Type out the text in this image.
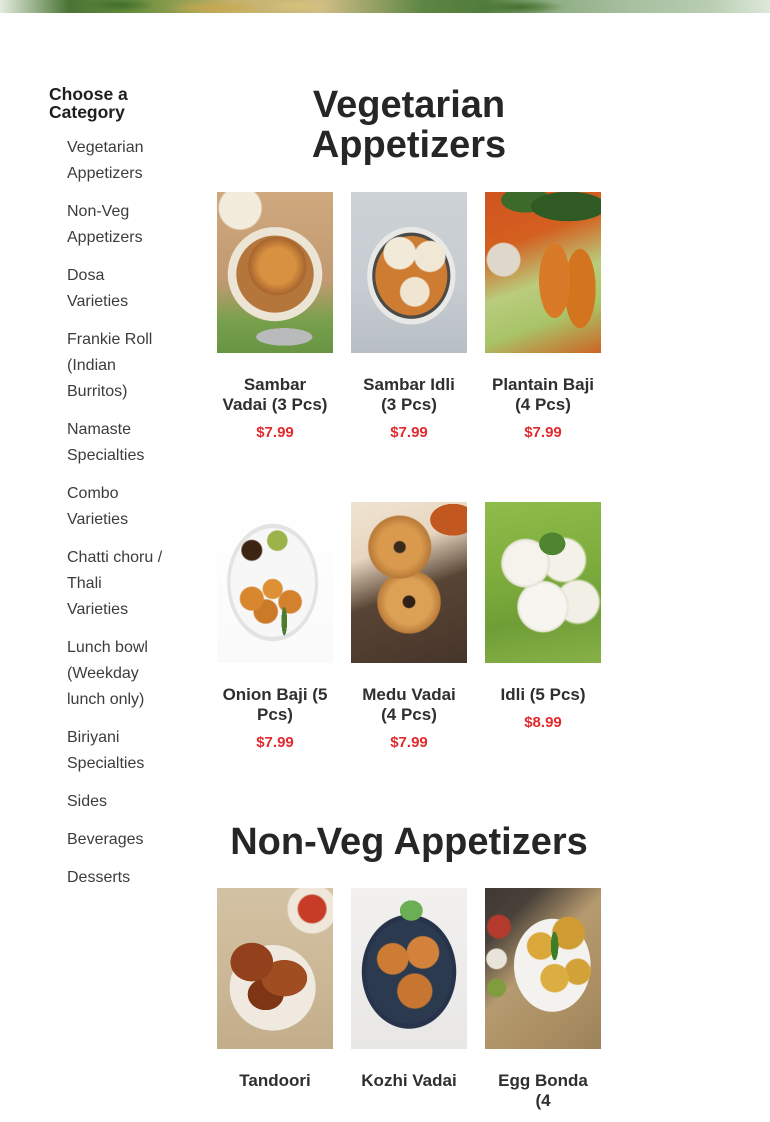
Choose a Category
Vegetarian Appetizers
Non-Veg Appetizers
Dosa Varieties
Frankie Roll (Indian Burritos)
Namaste Specialties
Combo Varieties
Chatti choru / Thali Varieties
Lunch bowl (Weekday lunch only)
Biriyani Specialties
Sides
Beverages
Desserts
Vegetarian Appetizers
Sambar Vadai (3 Pcs)
$7.99
Sambar Idli (3 Pcs)
$7.99
Plantain Baji (4 Pcs)
$7.99
Onion Baji (5 Pcs)
$7.99
Medu Vadai (4 Pcs)
$7.99
Idli (5 Pcs)
$8.99
Non-Veg Appetizers
Tandoori	Kozhi Vadai	Egg Bonda (4
